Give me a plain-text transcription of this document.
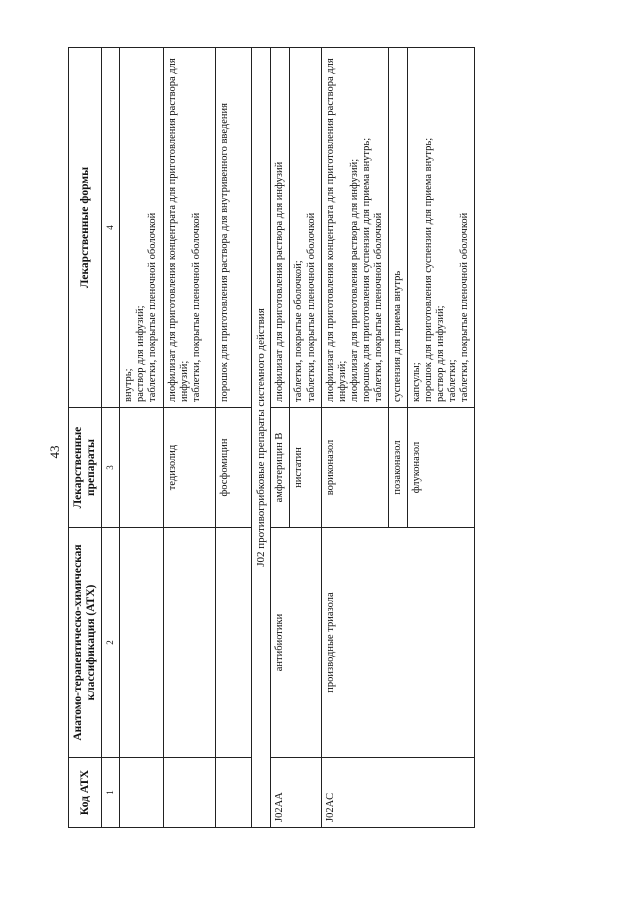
43
Код АТХ	Анатомо-терапевтическо-химическая классификация (АТХ)	Лекарственные препараты	Лекарственные формы
1	2	3	4

			внутрь; раствор для инфузий; таблетки, покрытые пленочной оболочкой

		тедизолид	лиофилизат для приготовления концентрата для приготовления раствора для инфузий; таблетки, покрытые пленочной оболочкой

		фосфомицин	порошок для приготовления раствора для внутривенного введения

J02 противогрибковые препараты системного действия			
J02AA	антибиотики	амфотерицин B	лиофилизат для приготовления раствора для инфузий

		нистатин	таблетки, покрытые оболочкой; таблетки, покрытые пленочной оболочкой

J02AC	производные триазола	вориконазол	лиофилизат для приготовления концентрата для приготовления раствора для инфузий; лиофилизат для приготовления раствора для инфузий; порошок для приготовления суспензии для приема внутрь; таблетки, покрытые пленочной оболочкой

		позаконазол	суспензия для приема внутрь

		флуконазол	капсулы; порошок для приготовления суспензии для приема внутрь; раствор для инфузий; таблетки; таблетки, покрытые пленочной оболочкой
